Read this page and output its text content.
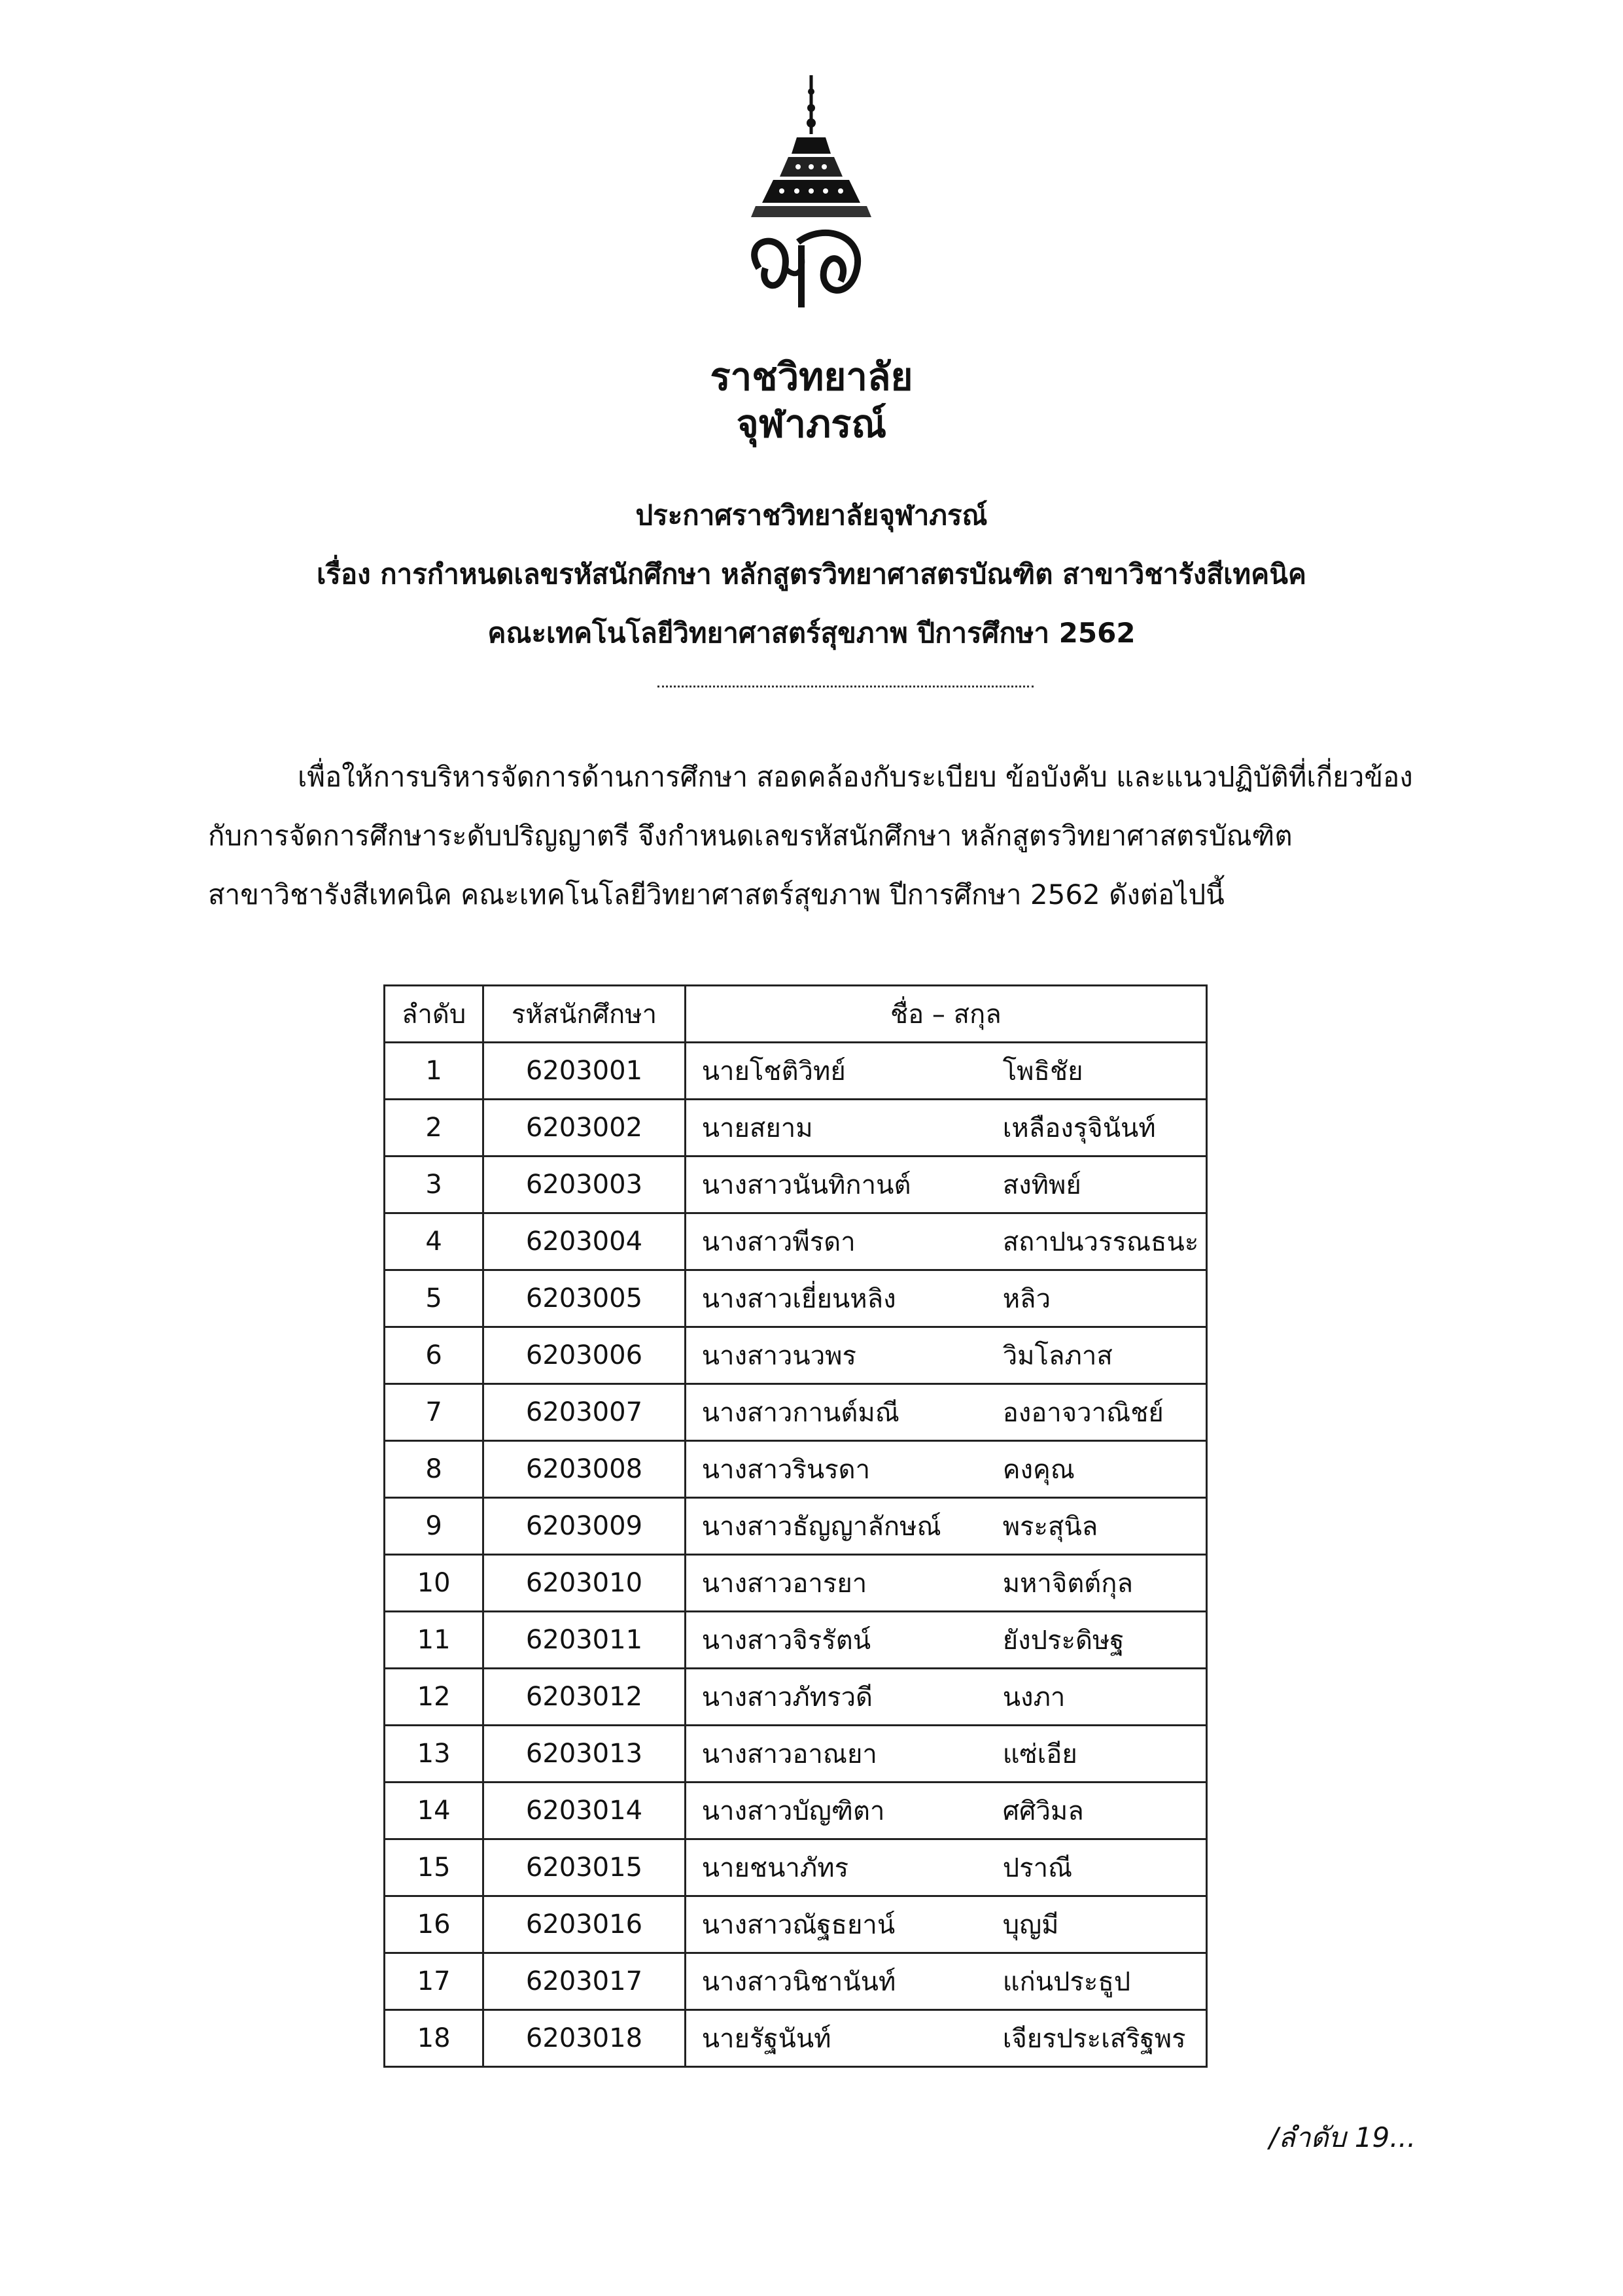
ราชวิทยาลัย
จุฬาภรณ์
ประกาศราชวิทยาลัยจุฬาภรณ์
เรื่อง การกำหนดเลขรหัสนักศึกษา หลักสูตรวิทยาศาสตรบัณฑิต สาขาวิชารังสีเทคนิค
คณะเทคโนโลยีวิทยาศาสตร์สุขภาพ ปีการศึกษา 2562
เพื่อให้การบริหารจัดการด้านการศึกษา สอดคล้องกับระเบียบ ข้อบังคับ และแนวปฏิบัติที่เกี่ยวข้อง
กับการจัดการศึกษาระดับปริญญาตรี จึงกำหนดเลขรหัสนักศึกษา หลักสูตรวิทยาศาสตรบัณฑิต
สาขาวิชารังสีเทคนิค คณะเทคโนโลยีวิทยาศาสตร์สุขภาพ ปีการศึกษา 2562 ดังต่อไปนี้
ลำดับ	รหัสนักศึกษา	ชื่อ – สกุล
1	6203001	นายโชติวิทย์ โพธิชัย

2	6203002	นายสยาม เหลืองรุจินันท์

3	6203003	นางสาวนันทิกานต์ สงทิพย์

4	6203004	นางสาวพีรดา สถาปนวรรณธนะ

5	6203005	นางสาวเยี่ยนหลิง หลิว

6	6203006	นางสาวนวพร วิมโลภาส

7	6203007	นางสาวกานต์มณี องอาจวาณิชย์

8	6203008	นางสาวรินรดา คงคุณ

9	6203009	นางสาวธัญญาลักษณ์ พระสุนิล

10	6203010	นางสาวอารยา มหาจิตต์กุล

11	6203011	นางสาวจิรรัตน์ ยังประดิษฐ

12	6203012	นางสาวภัทรวดี นงภา

13	6203013	นางสาวอาณยา แซ่เอีย

14	6203014	นางสาวบัญฑิตา ศศิวิมล

15	6203015	นายชนาภัทร ปราณี

16	6203016	นางสาวณัฐธยาน์ บุญมี

17	6203017	นางสาวนิชานันท์ แก่นประธูป

18	6203018	นายรัฐนันท์ เจียรประเสริฐพร
/ลำดับ 19...
